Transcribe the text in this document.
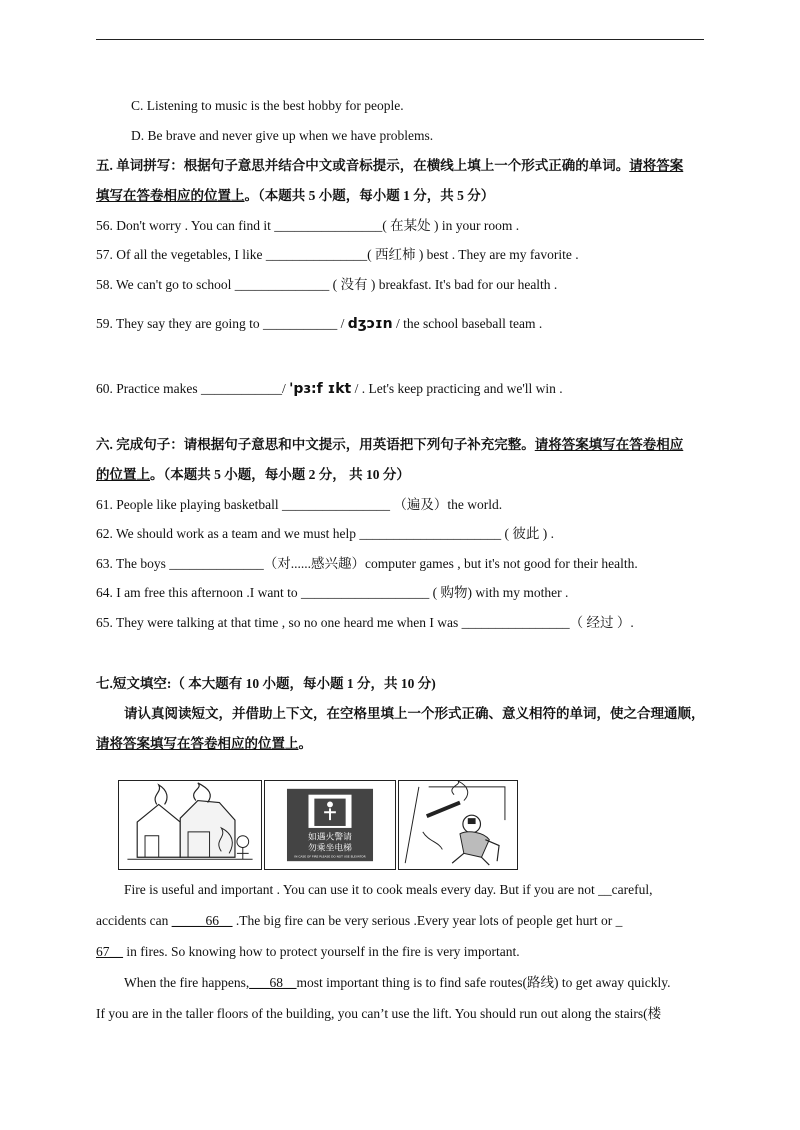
C. Listening to music is the best hobby for people.
D. Be brave and never give up when we have problems.
五. 单词拼写：根据句子意思并结合中文或音标提示，在横线上填上一个形式正确的单词。请将答案
填写在答卷相应的位置上。（本题共 5 小题，每小题 1 分，共 5 分）
56. Don't worry . You can find it ________________( 在某处 ) in your room .
57. Of all the vegetables, I like _______________( 西红柿 ) best . They are my favorite .
58. We can't go to school ______________ ( 没有 ) breakfast. It's bad for our health .
59. They say they are going to ___________ / dʒɔɪn / the school baseball team .
60. Practice makes ____________/ 'pɜ:f ɪkt / . Let's keep practicing and we'll win .
六. 完成句子：请根据句子意思和中文提示，用英语把下列句子补充完整。请将答案填写在答卷相应
的位置上。（本题共 5 小题，每小题 2 分， 共 10 分）
61. People like playing basketball ________________ （遍及）the world.
62. We should work as a team and we must help _____________________ ( 彼此 ) .
63. The boys ______________（对......感兴趣）computer games , but it's not good for their health.
64. I am free this afternoon .I want to ___________________ ( 购物) with my mother .
65. They were talking at that time , so no one heard me when I was ________________（ 经过 ）.
七.短文填空:（ 本大题有 10 小题，每小题 1 分，共 10 分)
请认真阅读短文，并借助上下文，在空格里填上一个形式正确、意义相符的单词，使之合理通顺，
请将答案填写在答卷相应的位置上。
如遇火警请
勿乘坐电梯
IN CASE OF FIRE PLEASE DO NOT USE ELEVATOR
Fire is useful and important . You can use it to cook meals every day. But if you are not __careful,
accidents can _____66__ .The big fire can be very serious .Every year lots of people get hurt or _
67__ in fires. So knowing how to protect yourself in the fire is very important.
When the fire happens,___68__most important thing is to find safe routes(路线) to get away quickly.
If you are in the taller floors of the building, you can’t use the lift. You should run out along the stairs(楼
